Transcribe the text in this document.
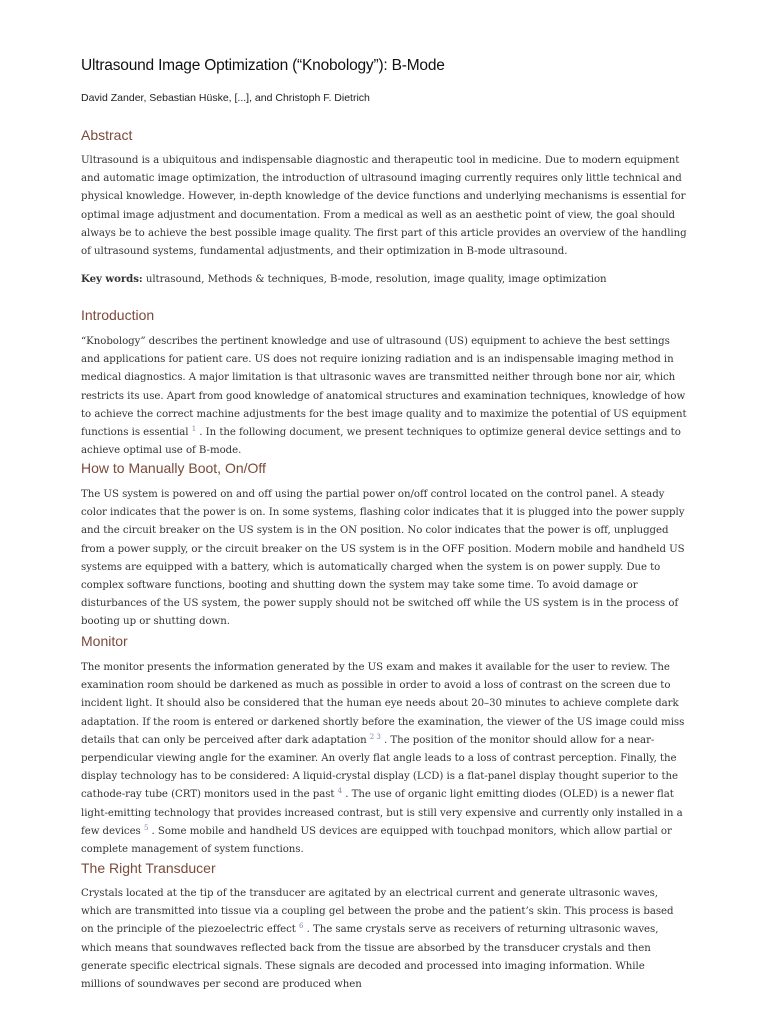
Ultrasound Image Optimization (“Knobology”): B-Mode

David Zander, Sebastian Hüske, [...], and Christoph F. Dietrich

Abstract

Ultrasound is a ubiquitous and indispensable diagnostic and therapeutic tool in medicine. Due to modern equipment and automatic image optimization, the introduction of ultrasound imaging currently requires only little technical and physical knowledge. However, in-depth knowledge of the device functions and underlying mechanisms is essential for optimal image adjustment and documentation. From a medical as well as an aesthetic point of view, the goal should always be to achieve the best possible image quality. The first part of this article provides an overview of the handling of ultrasound systems, fundamental adjustments, and their optimization in B-mode ultrasound.

Key words: ultrasound, Methods & techniques, B-mode, resolution, image quality, image optimization

Introduction

“Knobology” describes the pertinent knowledge and use of ultrasound (US) equipment to achieve the best settings and applications for patient care. US does not require ionizing radiation and is an indispensable imaging method in medical diagnostics. A major limitation is that ultrasonic waves are transmitted neither through bone nor air, which restricts its use. Apart from good knowledge of anatomical structures and examination techniques, knowledge of how to achieve the correct machine adjustments for the best image quality and to maximize the potential of US equipment functions is essential $^1$ . In the following document, we present techniques to optimize general device settings and to achieve optimal use of B-mode.

How to Manually Boot, On/Off

The US system is powered on and off using the partial power on/off control located on the control panel. A steady color indicates that the power is on. In some systems, flashing color indicates that it is plugged into the power supply and the circuit breaker on the US system is in the ON position. No color indicates that the power is off, unplugged from a power supply, or the circuit breaker on the US system is in the OFF position. Modern mobile and handheld US systems are equipped with a battery, which is automatically charged when the system is on power supply. Due to complex software functions, booting and shutting down the system may take some time. To avoid damage or disturbances of the US system, the power supply should not be switched off while the US system is in the process of booting up or shutting down.

Monitor

The monitor presents the information generated by the US exam and makes it available for the user to review. The examination room should be darkened as much as possible in order to avoid a loss of contrast on the screen due to incident light. It should also be considered that the human eye needs about 20–30 minutes to achieve complete dark adaptation. If the room is entered or darkened shortly before the examination, the viewer of the US image could miss details that can only be perceived after dark adaptation $^{2 3}$ . The position of the monitor should allow for a near-perpendicular viewing angle for the examiner. An overly flat angle leads to a loss of contrast perception. Finally, the display technology has to be considered: A liquid-crystal display (LCD) is a flat-panel display thought superior to the cathode-ray tube (CRT) monitors used in the past $^4$ . The use of organic light emitting diodes (OLED) is a newer flat light-emitting technology that provides increased contrast, but is still very expensive and currently only installed in a few devices $^5$ . Some mobile and handheld US devices are equipped with touchpad monitors, which allow partial or complete management of system functions.

The Right Transducer

Crystals located at the tip of the transducer are agitated by an electrical current and generate ultrasonic waves, which are transmitted into tissue via a coupling gel between the probe and the patient’s skin. This process is based on the principle of the piezoelectric effect $^6$ . The same crystals serve as receivers of returning ultrasonic waves, which means that soundwaves reflected back from the tissue are absorbed by the transducer crystals and then generate specific electrical signals. These signals are decoded and processed into imaging information. While millions of soundwaves per second are produced when
